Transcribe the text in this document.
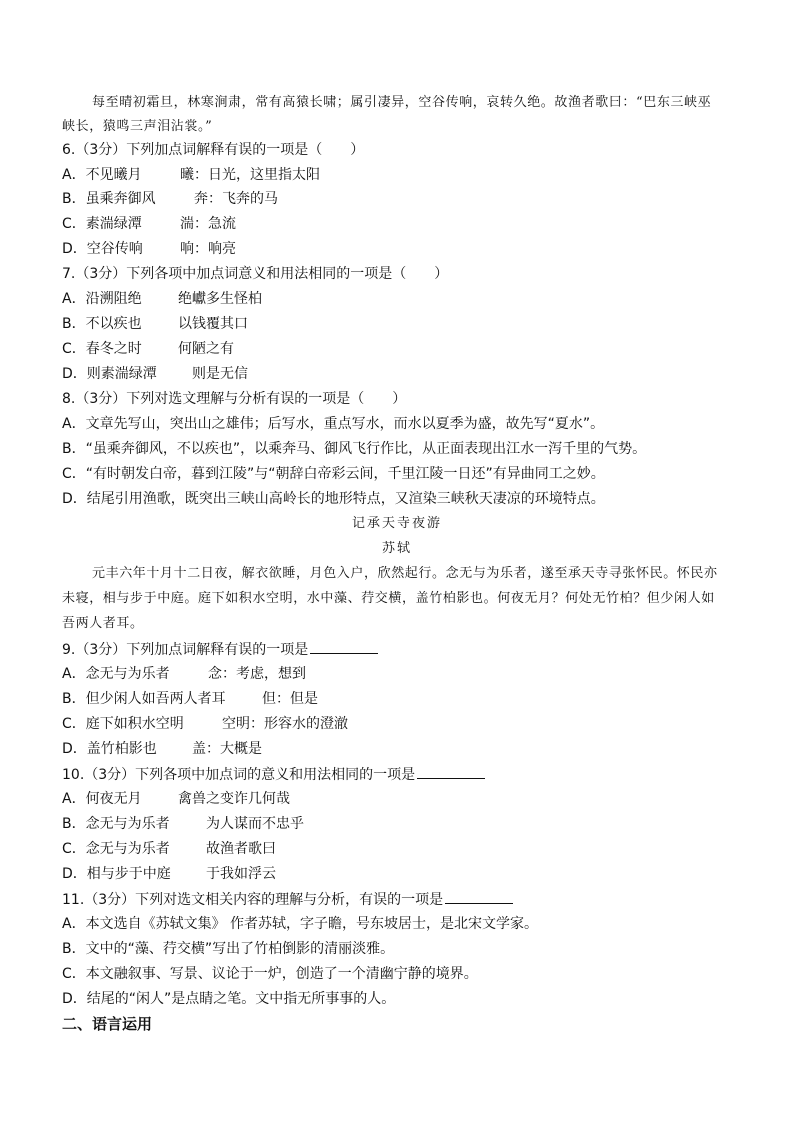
每至晴初霜旦，林寒涧肃，常有高猿长啸；属引凄异，空谷传响，哀转久绝。故渔者歌曰：“巴东三峡巫
峡长，猿鸣三声泪沾裳。”
6.（3分）下列加点词解释有误的一项是（　　）
A．不见曦月	曦：日光，这里指太阳
B．虽乘奔御风	奔：飞奔的马
C．素湍绿潭	湍：急流
D．空谷传响	响：响亮
7.（3分）下列各项中加点词意义和用法相同的一项是（　　）
A．沿溯阻绝	绝巘多生怪柏
B．不以疾也	以钱覆其口
C．春冬之时	何陋之有
D．则素湍绿潭	则是无信
8.（3分）下列对选文理解与分析有误的一项是（　　）
A．文章先写山，突出山之雄伟；后写水，重点写水，而水以夏季为盛，故先写“夏水”。
B．“虽乘奔御风，不以疾也”，以乘奔马、御风飞行作比，从正面表现出江水一泻千里的气势。
C．“有时朝发白帝，暮到江陵”与“朝辞白帝彩云间，千里江陵一日还”有异曲同工之妙。
D．结尾引用渔歌，既突出三峡山高岭长的地形特点，又渲染三峡秋天凄凉的环境特点。
记承天寺夜游
苏轼
元丰六年十月十二日夜，解衣欲睡，月色入户，欣然起行。念无与为乐者，遂至承天寺寻张怀民。怀民亦
未寝，相与步于中庭。庭下如积水空明，水中藻、荇交横，盖竹柏影也。何夜无月？何处无竹柏？但少闲人如
吾两人者耳。
9.（3分）下列加点词解释有误的一项是
A．念无与为乐者	念：考虑，想到
B．但少闲人如吾两人者耳	但：但是
C．庭下如积水空明	空明：形容水的澄澈
D．盖竹柏影也	盖：大概是
10.（3分）下列各项中加点词的意义和用法相同的一项是
A．何夜无月	禽兽之变诈几何哉
B．念无与为乐者	为人谋而不忠乎
C．念无与为乐者	故渔者歌曰
D．相与步于中庭	于我如浮云
11.（3分）下列对选文相关内容的理解与分析，有误的一项是
A．本文选自《苏轼文集》 作者苏轼，字子瞻，号东坡居士，是北宋文学家。
B．文中的“藻、荇交横”写出了竹柏倒影的清丽淡雅。
C．本文融叙事、写景、议论于一炉，创造了一个清幽宁静的境界。
D．结尾的“闲人”是点睛之笔。文中指无所事事的人。
二、语言运用
